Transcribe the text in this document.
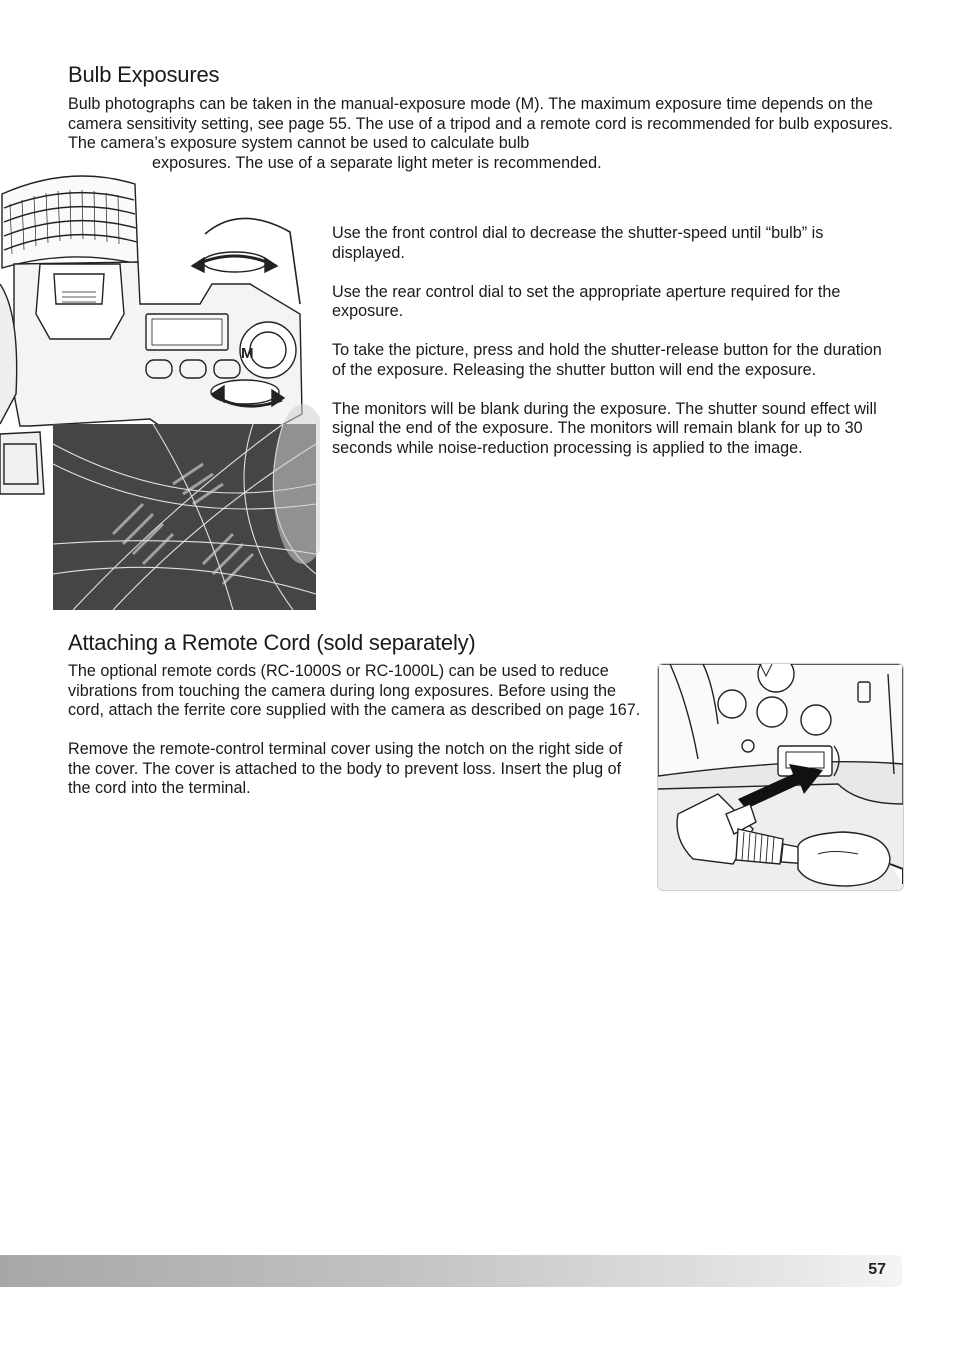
Bulb Exposures

Bulb photographs can be taken in the manual-exposure mode (M). The maximum exposure time depends on the camera sensitivity setting, see page 55. The use of a tripod and a remote cord is recommended for bulb exposures. The camera’s exposure system cannot be used to calculate bulb
exposures. The use of a separate light meter is recommended.

M

Use the front control dial to decrease the shutter-speed until “bulb” is displayed.

Use the rear control dial to set the appropriate aperture required for the exposure.

To take the picture, press and hold the shutter-release button for the duration of the exposure. Releasing the shutter button will end the exposure.

The monitors will be blank during the exposure. The shutter sound effect will signal the end of the exposure. The monitors will remain blank for up to 30 seconds while noise-reduction processing is applied to the image.

Attaching a Remote Cord (sold separately)

The optional remote cords (RC-1000S or RC-1000L) can be used to reduce vibrations from touching the camera during long exposures. Before using the cord, attach the ferrite core supplied with the camera as described on page 167.

Remove the remote-control terminal cover using the notch on the right side of the cover. The cover is attached to the body to prevent loss. Insert the plug of the cord into the terminal.

57
